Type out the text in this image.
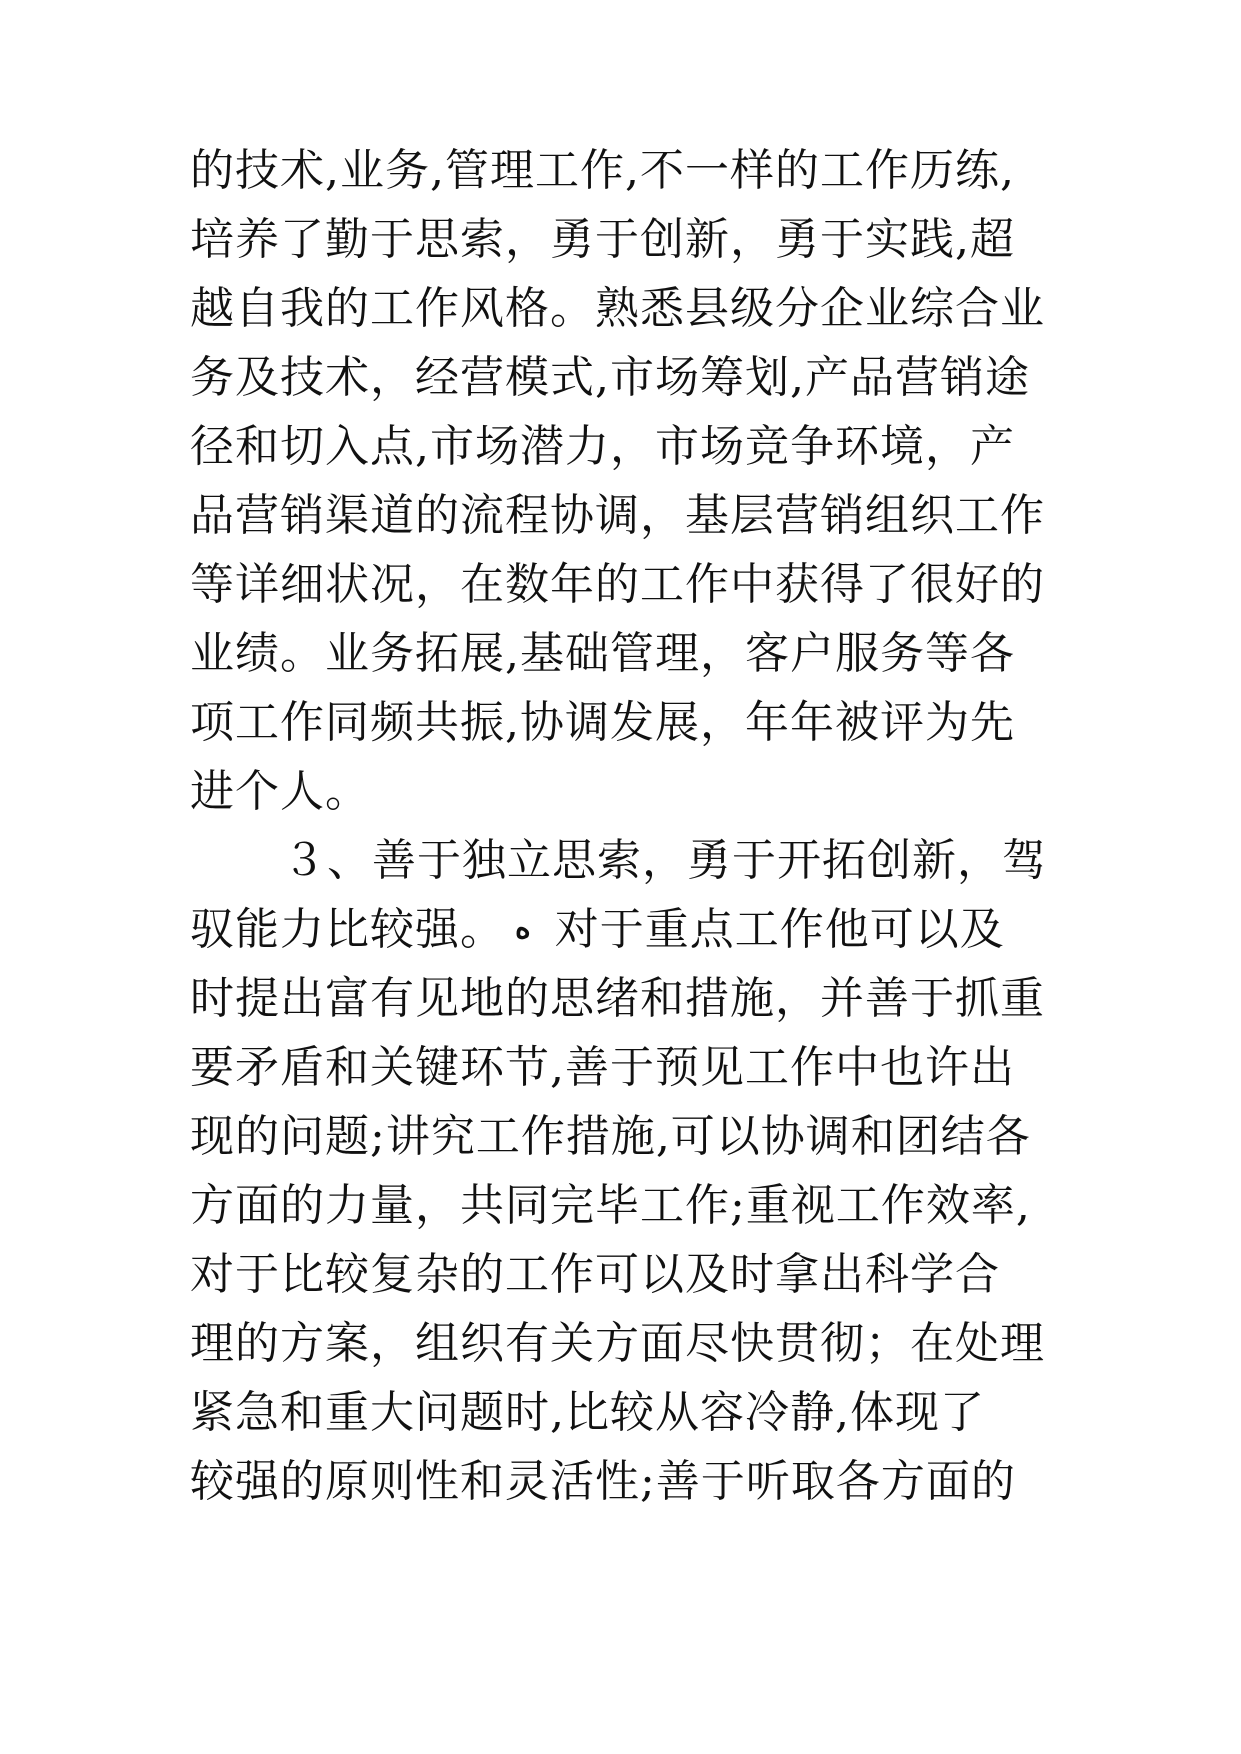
的技术,业务,管理工作,不一样的工作历练,
培养了勤于思索，勇于创新，勇于实践,超
越自我的工作风格。熟悉县级分企业综合业
务及技术，经营模式,市场筹划,产品营销途
径和切入点,市场潜力，市场竞争环境，产
品营销渠道的流程协调，基层营销组织工作
等详细状况，在数年的工作中获得了很好的
业绩。业务拓展,基础管理，客户服务等各
项工作同频共振,协调发展，年年被评为先
进个人。
３、善于独立思索，勇于开拓创新，驾
驭能力比较强。 ه 对于重点工作他可以及
时提出富有见地的思绪和措施，并善于抓重
要矛盾和关键环节,善于预见工作中也许出
现的问题;讲究工作措施,可以协调和团结各
方面的力量，共同完毕工作;重视工作效率,
对于比较复杂的工作可以及时拿出科学合
理的方案，组织有关方面尽快贯彻；在处理
紧急和重大问题时,比较从容冷静,体现了
较强的原则性和灵活性;善于听取各方面的
